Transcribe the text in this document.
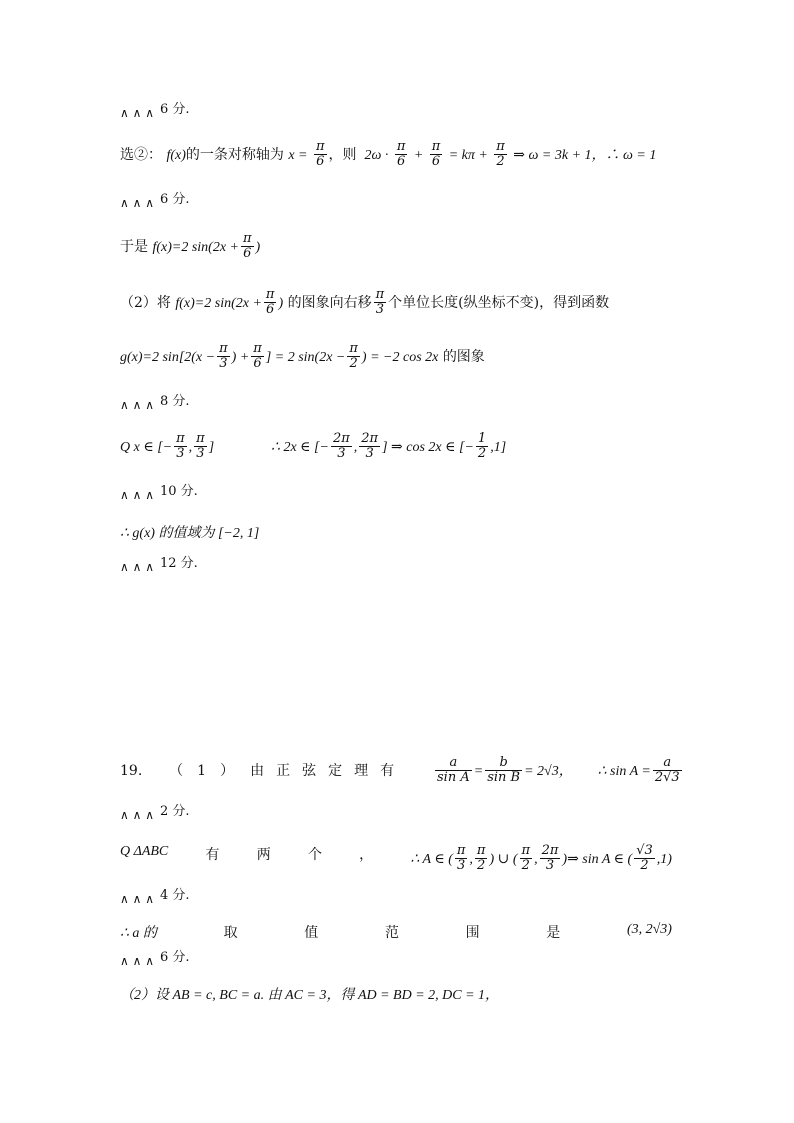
∧ ∧ ∧ 6 分.
选②： f(x)的一条对称轴为 $x = \frac{\pi}{6}$ ，则  $2\omega \cdot \frac{\pi}{6} + \frac{\pi}{6} = k\pi + \frac{\pi}{2}$ ⇒ ω = 3k + 1，∴ ω = 1
∧ ∧ ∧ 6 分.
于是 f(x)=2 $\sin(2x + \frac{\pi}{6}$ )
（2）将 f(x)=2 $\sin(2x + \frac{\pi}{6}$ ) 的图象向右移 $\frac{\pi}{3}$ 个单位长度(纵坐标不变)，得到函数
g(x)=2 $\sin[2(x - \frac{\pi}{3}$ ) + $\frac{\pi}{6}$ ] = 2 $\sin(2x - \frac{\pi}{2}$ ) = −2 cos 2x 的图象
∧ ∧ ∧ 8 分.
Q x ∈ [− $\frac{\pi}{3}$ , $\frac{\pi}{3}$ ]	∴ 2x ∈ [− $\frac{2\pi}{3}$ , $\frac{2\pi}{3}$ ] ⇒ cos 2x ∈ [− $\frac{1}{2} ,1$]
∧ ∧ ∧ 10 分.
∴ g(x) 的值域为 [−2, 1]
∧ ∧ ∧ 12 分.
19. （ 1 ） 由 正 弦 定 理 有	$\frac{a}{\text{sin A}} = \frac{b}{\text{sin B}} = 2√3$， ∴ $\sin A = \frac{a}{2√3}$
∧ ∧ ∧ 2 分.
Q ΔABC	有	两	个	，	∴ A ∈ ( $\frac{\pi}{3}$ , $\frac{\pi}{2}$ ) ∪ ( $\frac{\pi}{2}$ , $\frac{2\pi}{3}$ )⇒ sin A ∈ ( $\frac{√3}{2} ,1$)
∧ ∧ ∧ 4 分.
∴ a 的	取	值	范	围	是	(3, 2√3)
∧ ∧ ∧ 6 分.
（2）设 AB = c, BC = a. 由 AC = 3，得 AD = BD = 2, DC = 1，
